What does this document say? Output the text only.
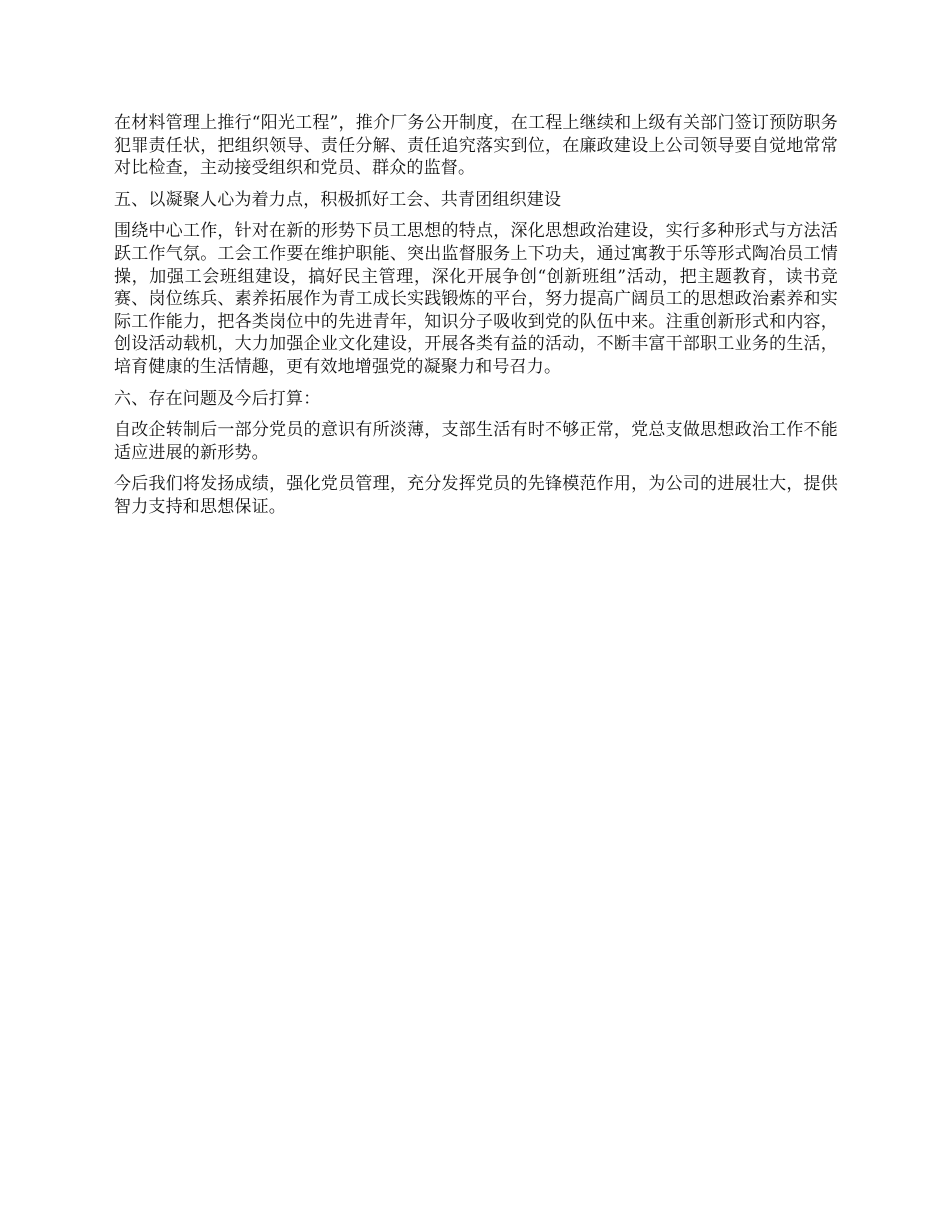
在材料管理上推行“阳光工程”，推介厂务公开制度，在工程上继续和上级有关部门签订预防职务犯罪责任状，把组织领导、责任分解、责任追究落实到位，在廉政建设上公司领导要自觉地常常对比检查，主动接受组织和党员、群众的监督。

五、以凝聚人心为着力点，积极抓好工会、共青团组织建设

围绕中心工作，针对在新的形势下员工思想的特点，深化思想政治建设，实行多种形式与方法活跃工作气氛。工会工作要在维护职能、突出监督服务上下功夫，通过寓教于乐等形式陶冶员工情操，加强工会班组建设，搞好民主管理，深化开展争创“创新班组”活动，把主题教育，读书竞赛、岗位练兵、素养拓展作为青工成长实践锻炼的平台，努力提高广阔员工的思想政治素养和实际工作能力，把各类岗位中的先进青年，知识分子吸收到党的队伍中来。注重创新形式和内容，创设活动载机，大力加强企业文化建设，开展各类有益的活动，不断丰富干部职工业务的生活，培育健康的生活情趣，更有效地增强党的凝聚力和号召力。

六、存在问题及今后打算：

自改企转制后一部分党员的意识有所淡薄，支部生活有时不够正常，党总支做思想政治工作不能适应进展的新形势。

今后我们将发扬成绩，强化党员管理，充分发挥党员的先锋模范作用，为公司的进展壮大，提供智力支持和思想保证。
